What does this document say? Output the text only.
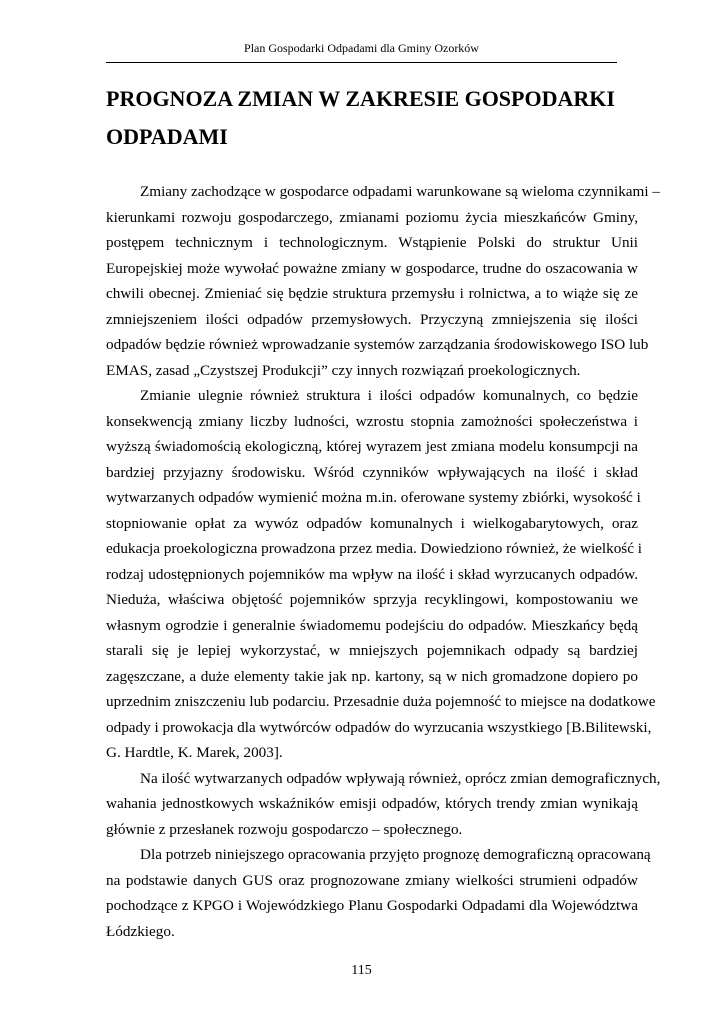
Plan Gospodarki Odpadami dla Gminy Ozorków
PROGNOZA ZMIAN W ZAKRESIE GOSPODARKI
ODPADAMI
Zmiany zachodzące w gospodarce odpadami warunkowane są wieloma czynnikami –
kierunkami rozwoju gospodarczego, zmianami poziomu życia mieszkańców Gminy,
postępem technicznym i technologicznym. Wstąpienie Polski do struktur Unii
Europejskiej może wywołać poważne zmiany w gospodarce, trudne do oszacowania w
chwili obecnej. Zmieniać się będzie struktura przemysłu i rolnictwa, a to wiąże się ze
zmniejszeniem ilości odpadów przemysłowych. Przyczyną zmniejszenia się ilości
odpadów będzie również wprowadzanie systemów zarządzania środowiskowego ISO lub
EMAS, zasad „Czystszej Produkcji” czy innych rozwiązań proekologicznych.
Zmianie ulegnie również struktura i ilości odpadów komunalnych, co będzie
konsekwencją zmiany liczby ludności, wzrostu stopnia zamożności społeczeństwa i
wyższą świadomością ekologiczną, której wyrazem jest zmiana modelu konsumpcji na
bardziej przyjazny środowisku. Wśród czynników wpływających na ilość i skład
wytwarzanych odpadów wymienić można m.in. oferowane systemy zbiórki, wysokość i
stopniowanie opłat za wywóz odpadów komunalnych i wielkogabarytowych, oraz
edukacja proekologiczna prowadzona przez media. Dowiedziono również, że wielkość i
rodzaj udostępnionych pojemników ma wpływ na ilość i skład wyrzucanych odpadów.
Nieduża, właściwa objętość pojemników sprzyja recyklingowi, kompostowaniu we
własnym ogrodzie i generalnie świadomemu podejściu do odpadów. Mieszkańcy będą
starali się je lepiej wykorzystać, w mniejszych pojemnikach odpady są bardziej
zagęszczane, a duże elementy takie jak np. kartony, są w nich gromadzone dopiero po
uprzednim zniszczeniu lub podarciu. Przesadnie duża pojemność to miejsce na dodatkowe
odpady i prowokacja dla wytwórców odpadów do wyrzucania wszystkiego [B.Bilitewski,
G. Hardtle, K. Marek, 2003].
Na ilość wytwarzanych odpadów wpływają również, oprócz zmian demograficznych,
wahania jednostkowych wskaźników emisji odpadów, których trendy zmian wynikają
głównie z przesłanek rozwoju gospodarczo – społecznego.
Dla potrzeb niniejszego opracowania przyjęto prognozę demograficzną opracowaną
na podstawie danych GUS oraz prognozowane zmiany wielkości strumieni odpadów
pochodzące z KPGO i Wojewódzkiego Planu Gospodarki Odpadami dla Województwa
Łódzkiego.
115
